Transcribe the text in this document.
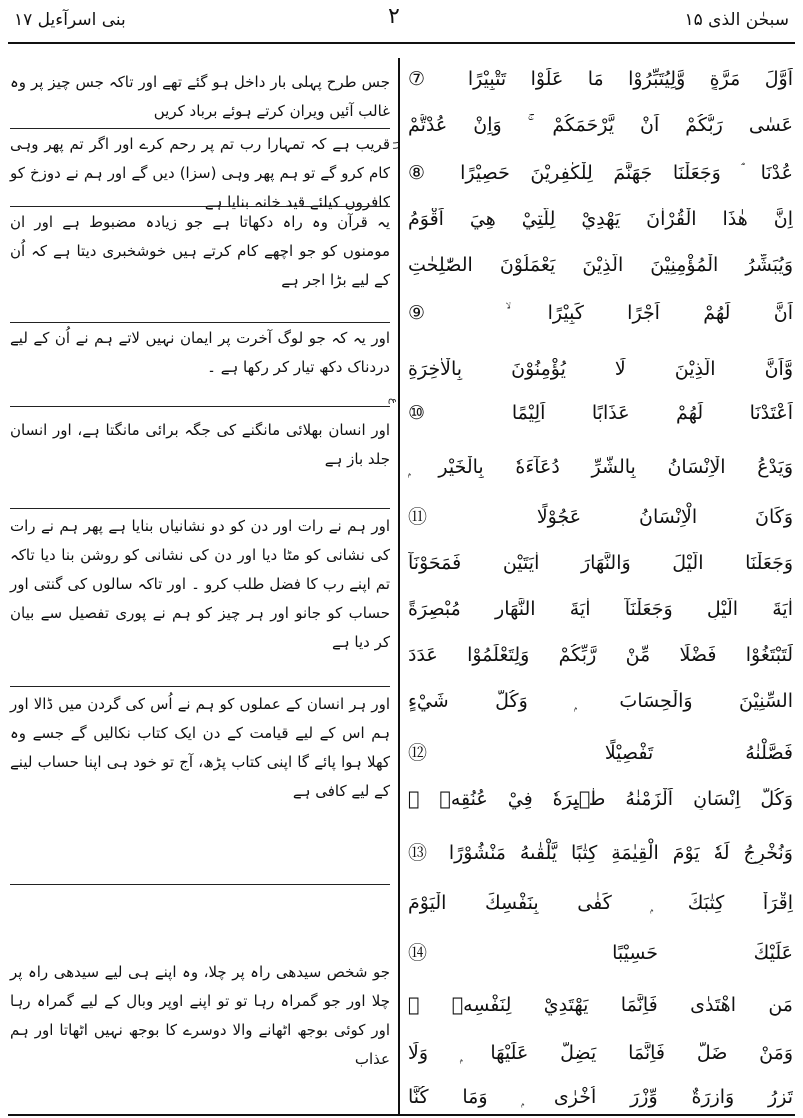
بنی اسرآءیل ۱۷	۲	سبحٰن الذی ۱۵
جس طرح پہلی بار داخل ہو گئے تھے اور تاکہ جس چیز پر وہ غالب آئیں ویران کرتے ہوئے برباد کریں
قریب ہے کہ تمہارا رب تم پر رحم کرے اور اگر تم پھر وہی کام کرو گے تو ہم پھر وہی (سزا) دیں گے اور ہم نے دوزخ کو کافروں کیلئے قید خانہ بنایا ہے
یہ قرآن وہ راہ دکھاتا ہے جو زیادہ مضبوط ہے اور ان مومنوں کو جو اچھے کام کرتے ہیں خوشخبری دیتا ہے کہ اُن کے لیے بڑا اجر ہے
اور یہ کہ جو لوگ آخرت پر ایمان نہیں لاتے ہم نے اُن کے لیے دردناک دکھ تیار کر رکھا ہے ۔
اور انسان بھلائی مانگنے کی جگہ برائی مانگتا ہے، اور انسان جلد باز ہے
اور ہم نے رات اور دن کو دو نشانیاں بنایا ہے پھر ہم نے رات کی نشانی کو مٹا دیا اور دن کی نشانی کو روشن بنا دیا تاکہ تم اپنے رب کا فضل طلب کرو ۔ اور تاکہ سالوں کی گنتی اور حساب کو جانو اور ہر چیز کو ہم نے پوری تفصیل سے بیان کر دیا ہے
اور ہر انسان کے عملوں کو ہم نے اُس کی گردن میں ڈالا اور ہم اس کے لیے قیامت کے دن ایک کتاب نکالیں گے جسے وہ کھلا ہوا پائے گا اپنی کتاب پڑھ، آج تو خود ہی اپنا حساب لینے کے لیے کافی ہے
جو شخص سیدھی راہ پر چلا، وہ اپنے ہی لیے سیدھی راہ پر چلا اور جو گمراہ رہا تو تو اپنے اوپر وبال کے لیے گمراہ رہا اور کوئی بوجھ اٹھانے والا دوسرے کا بوجھ نہیں اٹھاتا اور ہم عذاب
اَوَّلَ مَرَّةٍ وَّلِيُتَبِّرُوْا مَا عَلَوْا تَتْبِيْرًا ⑦
عَسٰى رَبُّكُمْ اَنْ يَّرْحَمَكُمْ ۚ وَاِنْ عُدْتُّمْ
عُدْنَا ۘ وَجَعَلْنَا جَهَنَّمَ لِلْكٰفِرِيْنَ حَصِيْرًا ⑧
اِنَّ هٰذَا الْقُرْاٰنَ يَهْدِيْ لِلَّتِيْ هِيَ اَقْوَمُ
وَيُبَشِّرُ الْمُؤْمِنِيْنَ الَّذِيْنَ يَعْمَلُوْنَ الصّٰلِحٰتِ
اَنَّ لَهُمْ اَجْرًا كَبِيْرًا ۙ ⑨
وَّاَنَّ الَّذِيْنَ لَا يُؤْمِنُوْنَ بِالْاٰخِرَةِ
اَعْتَدْنَا لَهُمْ عَذَابًا اَلِيْمًا ⑩
وَيَدْعُ الْاِنْسَانُ بِالشَّرِّ دُعَآءَهٗ بِالْخَيْرِ ۭ
وَكَانَ الْاِنْسَانُ عَجُوْلًا ⑪
وَجَعَلْنَا الَّيْلَ وَالنَّهَارَ اٰيَتَيْنِ فَمَحَوْنَآ
اٰيَةَ الَّيْلِ وَجَعَلْنَآ اٰيَةَ النَّهَارِ مُبْصِرَةً
لِّتَبْتَغُوْا فَضْلًا مِّنْ رَّبِّكُمْ وَلِتَعْلَمُوْا عَدَدَ
السِّنِيْنَ وَالْحِسَابَ ۭ وَكُلَّ شَيْءٍ
فَصَّلْنٰهُ تَفْصِيْلًا ⑫
وَكُلَّ اِنْسَانٍ اَلْزَمْنٰهُ طٰۗىِٕرَهٗ فِيْ عُنُقِهٖ ۭ
وَنُخْرِجُ لَهٗ يَوْمَ الْقِيٰمَةِ كِتٰبًا يَّلْقٰىهُ مَنْشُوْرًا ⑬
اِقْرَاْ كِتٰبَكَ ۭ كَفٰى بِنَفْسِكَ الْيَوْمَ
عَلَيْكَ حَسِيْبًا ⑭
مَنِ اهْتَدٰى فَاِنَّمَا يَهْتَدِيْ لِنَفْسِهٖ ۚ
وَمَنْ ضَلَّ فَاِنَّمَا يَضِلُّ عَلَيْهَا ۭ وَلَا
تَزِرُ وَازِرَةٌ وِّزْرَ اُخْرٰى ۭ وَمَا كُنَّا
۱۱
ع
